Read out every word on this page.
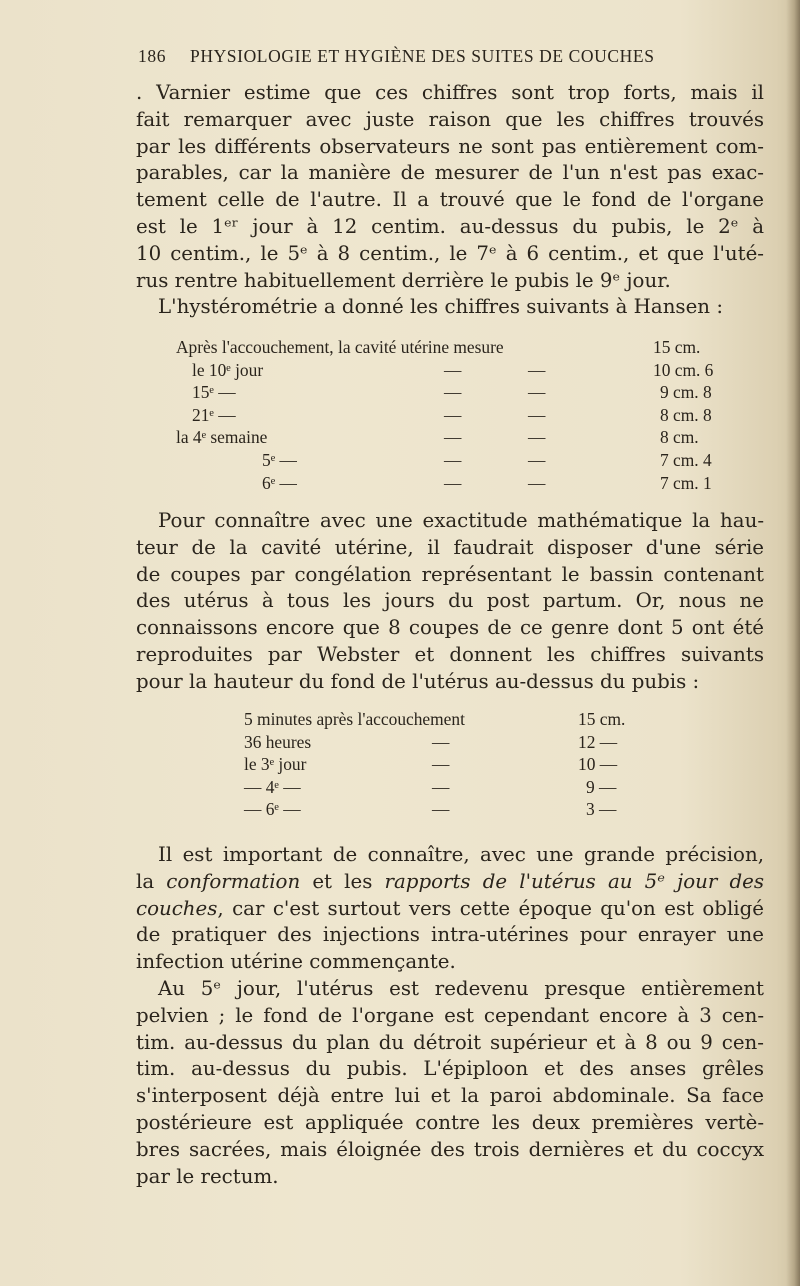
186 PHYSIOLOGIE ET HYGIÈNE DES SUITES DE COUCHES

. Varnier estime que ces chiffres sont trop forts, mais il

fait remarquer avec juste raison que les chiffres trouvés

par les différents observateurs ne sont pas entièrement com-

parables, car la manière de mesurer de l'un n'est pas exac-

tement celle de l'autre. Il a trouvé que le fond de l'organe

est le 1ᵉʳ jour à 12 centim. au-dessus du pubis, le 2ᵉ à

10 centim., le 5ᵉ à 8 centim., le 7ᵉ à 6 centim., et que l'uté-

rus rentre habituellement derrière le pubis le 9ᵉ jour.

L'hystérométrie a donné les chiffres suivants à Hansen :

Après l'accouchement, la cavité utérine mesure	15 cm.
le 10ᵉ jour	—	—	10 cm. 6
15ᵉ —	—	—	9 cm. 8
21ᵉ —	—	—	8 cm. 8
la 4ᵉ semaine	—	—	8 cm.
5ᵉ —	—	—	7 cm. 4
6ᵉ —	—	—	7 cm. 1

Pour connaître avec une exactitude mathématique la hau-

teur de la cavité utérine, il faudrait disposer d'une série

de coupes par congélation représentant le bassin contenant

des utérus à tous les jours du post partum. Or, nous ne

connaissons encore que 8 coupes de ce genre dont 5 ont été

reproduites par Webster et donnent les chiffres suivants

pour la hauteur du fond de l'utérus au-dessus du pubis :

5 minutes après l'accouchement	15 cm.
36 heures	—	12 —
le 3ᵉ jour	—	10 —
— 4ᵉ —	—	9 —
— 6ᵉ —	—	3 —

Il est important de connaître, avec une grande précision,

la conformation et les rapports de l'utérus au 5ᵉ jour des

couches, car c'est surtout vers cette époque qu'on est obligé

de pratiquer des injections intra-utérines pour enrayer une

infection utérine commençante.

Au 5ᵉ jour, l'utérus est redevenu presque entièrement

pelvien ; le fond de l'organe est cependant encore à 3 cen-

tim. au-dessus du plan du détroit supérieur et à 8 ou 9 cen-

tim. au-dessus du pubis. L'épiploon et des anses grêles

s'interposent déjà entre lui et la paroi abdominale. Sa face

postérieure est appliquée contre les deux premières vertè-

bres sacrées, mais éloignée des trois dernières et du coccyx

par le rectum.
